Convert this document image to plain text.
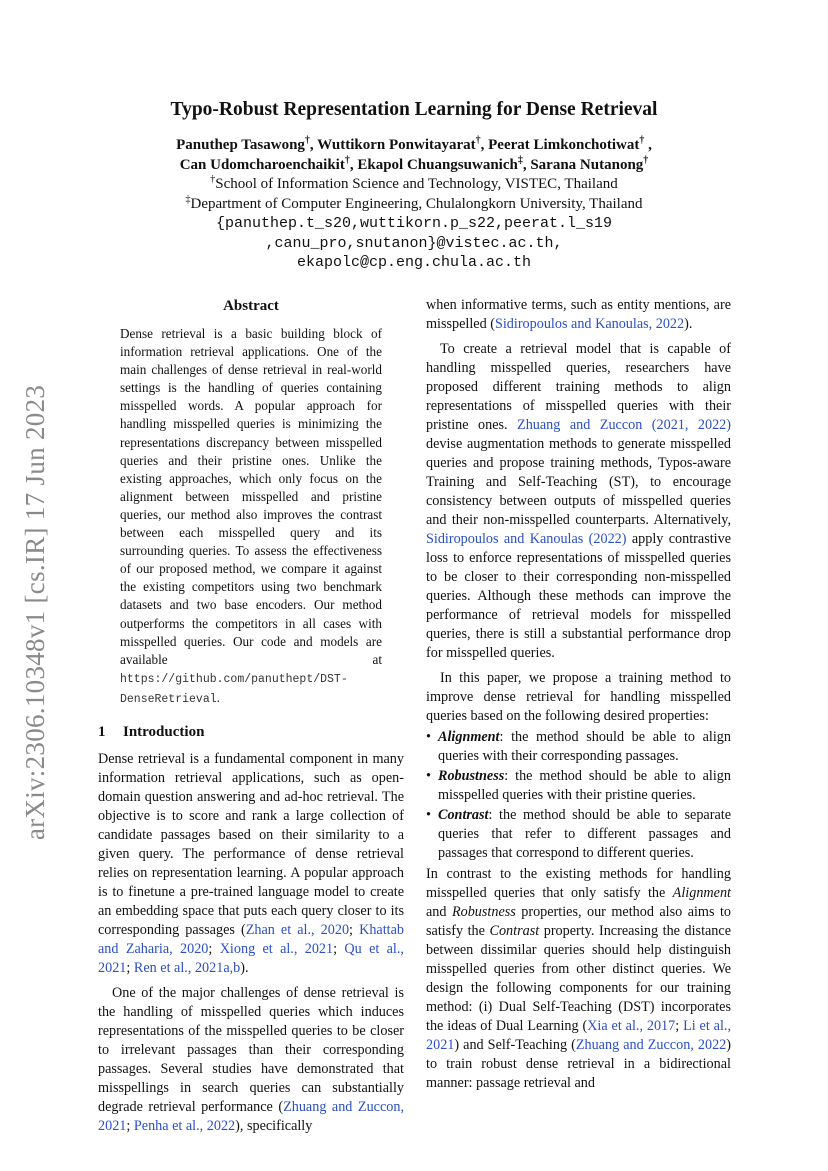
arXiv:2306.10348v1 [cs.IR] 17 Jun 2023
Typo-Robust Representation Learning for Dense Retrieval
Panuthep Tasawong†, Wuttikorn Ponwitayarat†, Peerat Limkonchotiwat† ,
Can Udomcharoenchaikit†, Ekapol Chuangsuwanich‡, Sarana Nutanong†
†School of Information Science and Technology, VISTEC, Thailand
‡Department of Computer Engineering, Chulalongkorn University, Thailand
{panuthep.t_s20,wuttikorn.p_s22,peerat.l_s19
,canu_pro,snutanon}@vistec.ac.th,
ekapolc@cp.eng.chula.ac.th
Abstract
Dense retrieval is a basic building block of information retrieval applications. One of the main challenges of dense retrieval in real-world settings is the handling of queries containing misspelled words. A popular approach for handling misspelled queries is minimizing the representations discrepancy between misspelled queries and their pristine ones. Unlike the existing approaches, which only focus on the alignment between misspelled and pristine queries, our method also improves the contrast between each misspelled query and its surrounding queries. To assess the effectiveness of our proposed method, we compare it against the existing competitors using two benchmark datasets and two base encoders. Our method outperforms the competitors in all cases with misspelled queries. Our code and models are available at https://github.com/panuthept/DST-DenseRetrieval.
1 Introduction

Dense retrieval is a fundamental component in many information retrieval applications, such as open-domain question answering and ad-hoc retrieval. The objective is to score and rank a large collection of candidate passages based on their similarity to a given query. The performance of dense retrieval relies on representation learning. A popular approach is to finetune a pre-trained language model to create an embedding space that puts each query closer to its corresponding passages (Zhan et al., 2020; Khattab and Zaharia, 2020; Xiong et al., 2021; Qu et al., 2021; Ren et al., 2021a,b).

One of the major challenges of dense retrieval is the handling of misspelled queries which induces representations of the misspelled queries to be closer to irrelevant passages than their corresponding passages. Several studies have demonstrated that misspellings in search queries can substantially degrade retrieval performance (Zhuang and Zuccon, 2021; Penha et al., 2022), specifically

when informative terms, such as entity mentions, are misspelled (Sidiropoulos and Kanoulas, 2022).

To create a retrieval model that is capable of handling misspelled queries, researchers have proposed different training methods to align representations of misspelled queries with their pristine ones. Zhuang and Zuccon (2021, 2022) devise augmentation methods to generate misspelled queries and propose training methods, Typos-aware Training and Self-Teaching (ST), to encourage consistency between outputs of misspelled queries and their non-misspelled counterparts. Alternatively, Sidiropoulos and Kanoulas (2022) apply contrastive loss to enforce representations of misspelled queries to be closer to their corresponding non-misspelled queries. Although these methods can improve the performance of retrieval models for misspelled queries, there is still a substantial performance drop for misspelled queries.

In this paper, we propose a training method to improve dense retrieval for handling misspelled queries based on the following desired properties:

• Alignment: the method should be able to align queries with their corresponding passages.
• Robustness: the method should be able to align misspelled queries with their pristine queries.
• Contrast: the method should be able to separate queries that refer to different passages and passages that correspond to different queries.

In contrast to the existing methods for handling misspelled queries that only satisfy the Alignment and Robustness properties, our method also aims to satisfy the Contrast property. Increasing the distance between dissimilar queries should help distinguish misspelled queries from other distinct queries. We design the following components for our training method: (i) Dual Self-Teaching (DST) incorporates the ideas of Dual Learning (Xia et al., 2017; Li et al., 2021) and Self-Teaching (Zhuang and Zuccon, 2022) to train robust dense retrieval in a bidirectional manner: passage retrieval and
